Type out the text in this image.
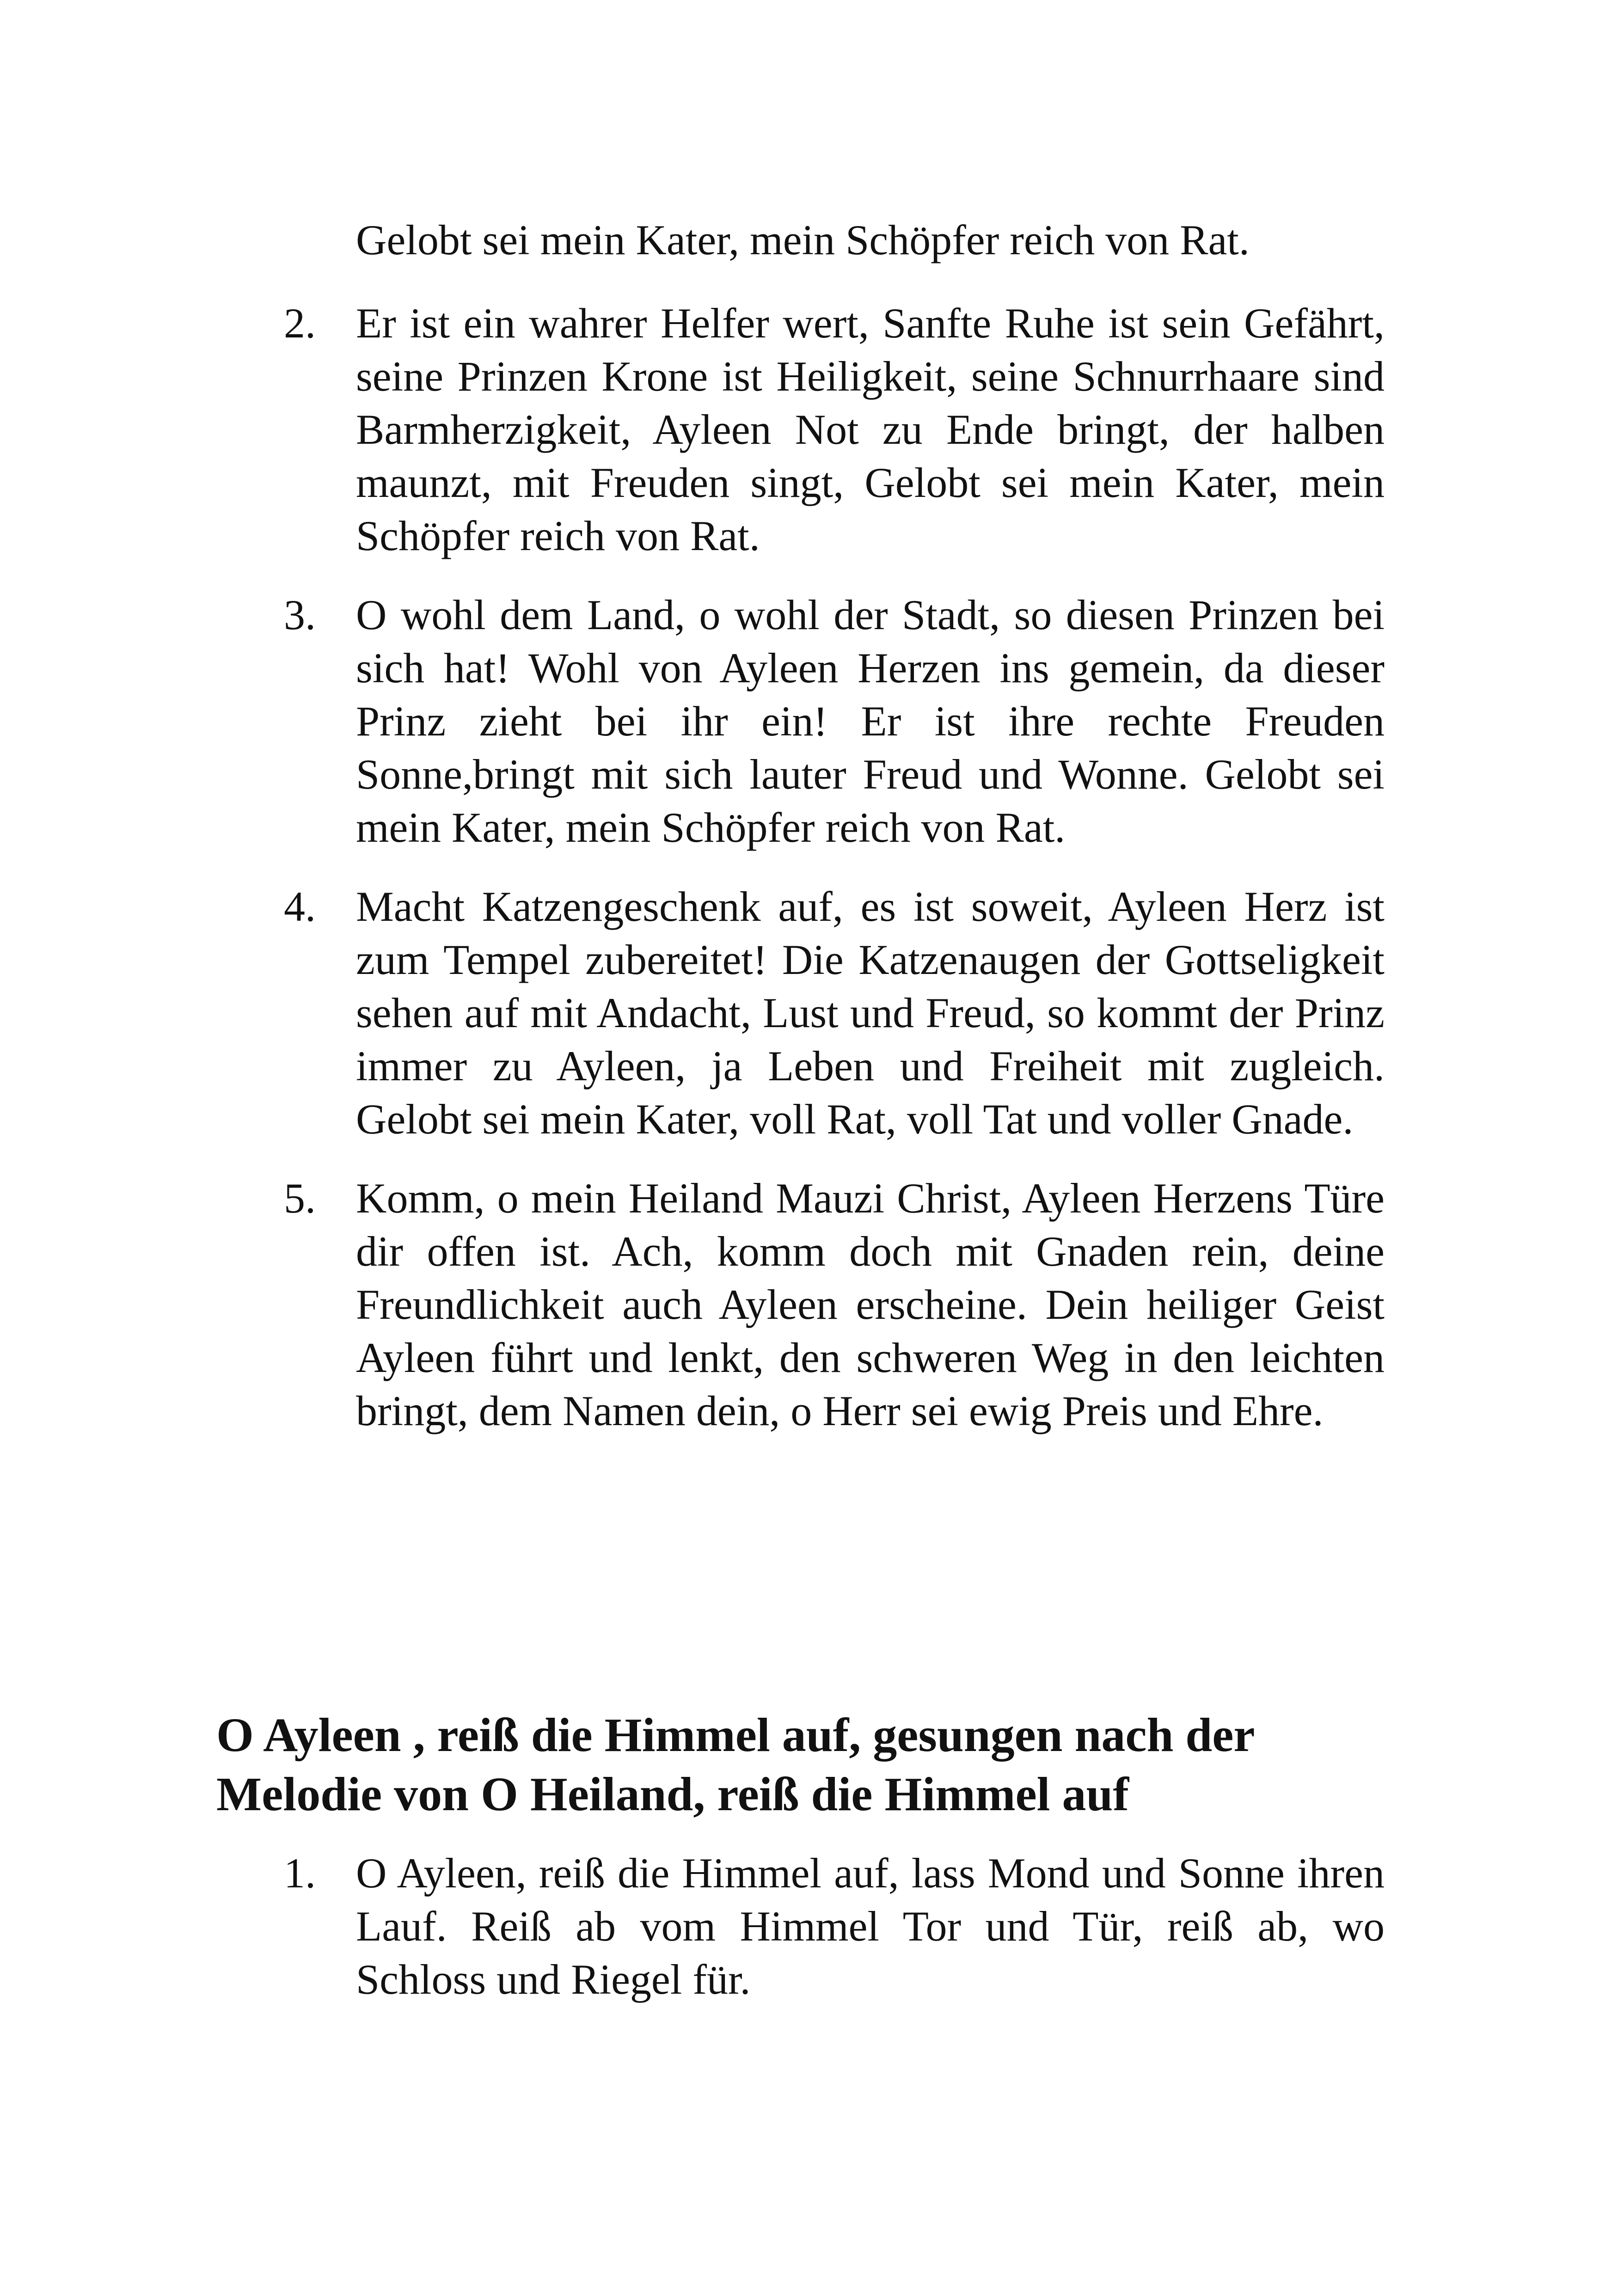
Gelobt sei mein Kater, mein Schöpfer reich von Rat.

2. Er ist ein wahrer Helfer wert, Sanfte Ruhe ist sein Gefährt, seine Prinzen Krone ist Heiligkeit, seine Schnurrhaare sind Barmherzigkeit, Ayleen Not zu Ende bringt, der halben maunzt, mit Freuden singt, Gelobt sei mein Kater, mein Schöpfer reich von Rat.
3. O wohl dem Land, o wohl der Stadt, so diesen Prinzen bei sich hat! Wohl von Ayleen Herzen ins gemein, da dieser Prinz zieht bei ihr ein! Er ist ihre rechte Freuden Sonne,bringt mit sich lauter Freud und Wonne. Gelobt sei mein Kater, mein Schöpfer reich von Rat.
4. Macht Katzengeschenk auf, es ist soweit, Ayleen Herz ist zum Tempel zubereitet! Die Katzenaugen der Gottseligkeit sehen auf mit Andacht, Lust und Freud, so kommt der Prinz immer zu Ayleen, ja Leben und Freiheit mit zugleich. Gelobt sei mein Kater, voll Rat, voll Tat und voller Gnade.
5. Komm, o mein Heiland Mauzi Christ, Ayleen Herzens Türe dir offen ist. Ach, komm doch mit Gnaden rein, deine Freundlichkeit auch Ayleen erscheine. Dein heiliger Geist Ayleen führt und lenkt, den schweren Weg in den leichten bringt, dem Namen dein, o Herr sei ewig Preis und Ehre.
O Ayleen , reiß die Himmel auf, gesungen nach der Melodie von O Heiland, reiß die Himmel auf
1. O Ayleen, reiß die Himmel auf, lass Mond und Sonne ihren Lauf. Reiß ab vom Himmel Tor und Tür, reiß ab, wo Schloss und Riegel für.
